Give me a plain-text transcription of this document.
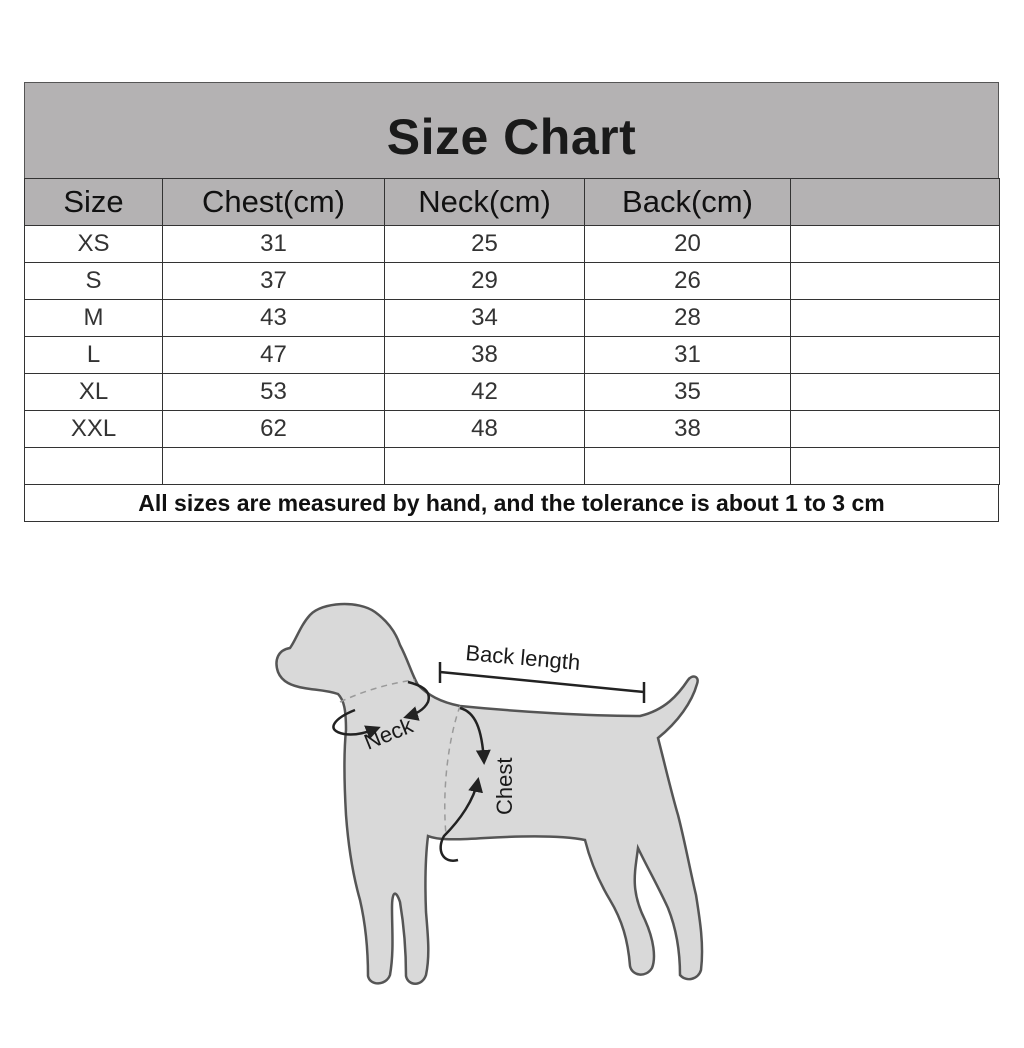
Size Chart
Size	Chest(cm)	Neck(cm)	Back(cm)	
XS	31	25	20	
S	37	29	26	
M	43	34	28	
L	47	38	31	
XL	53	42	35	
XXL	62	48	38	

All sizes are measured by hand, and the tolerance is about 1 to 3 cm
Back length
Neck
Chest
